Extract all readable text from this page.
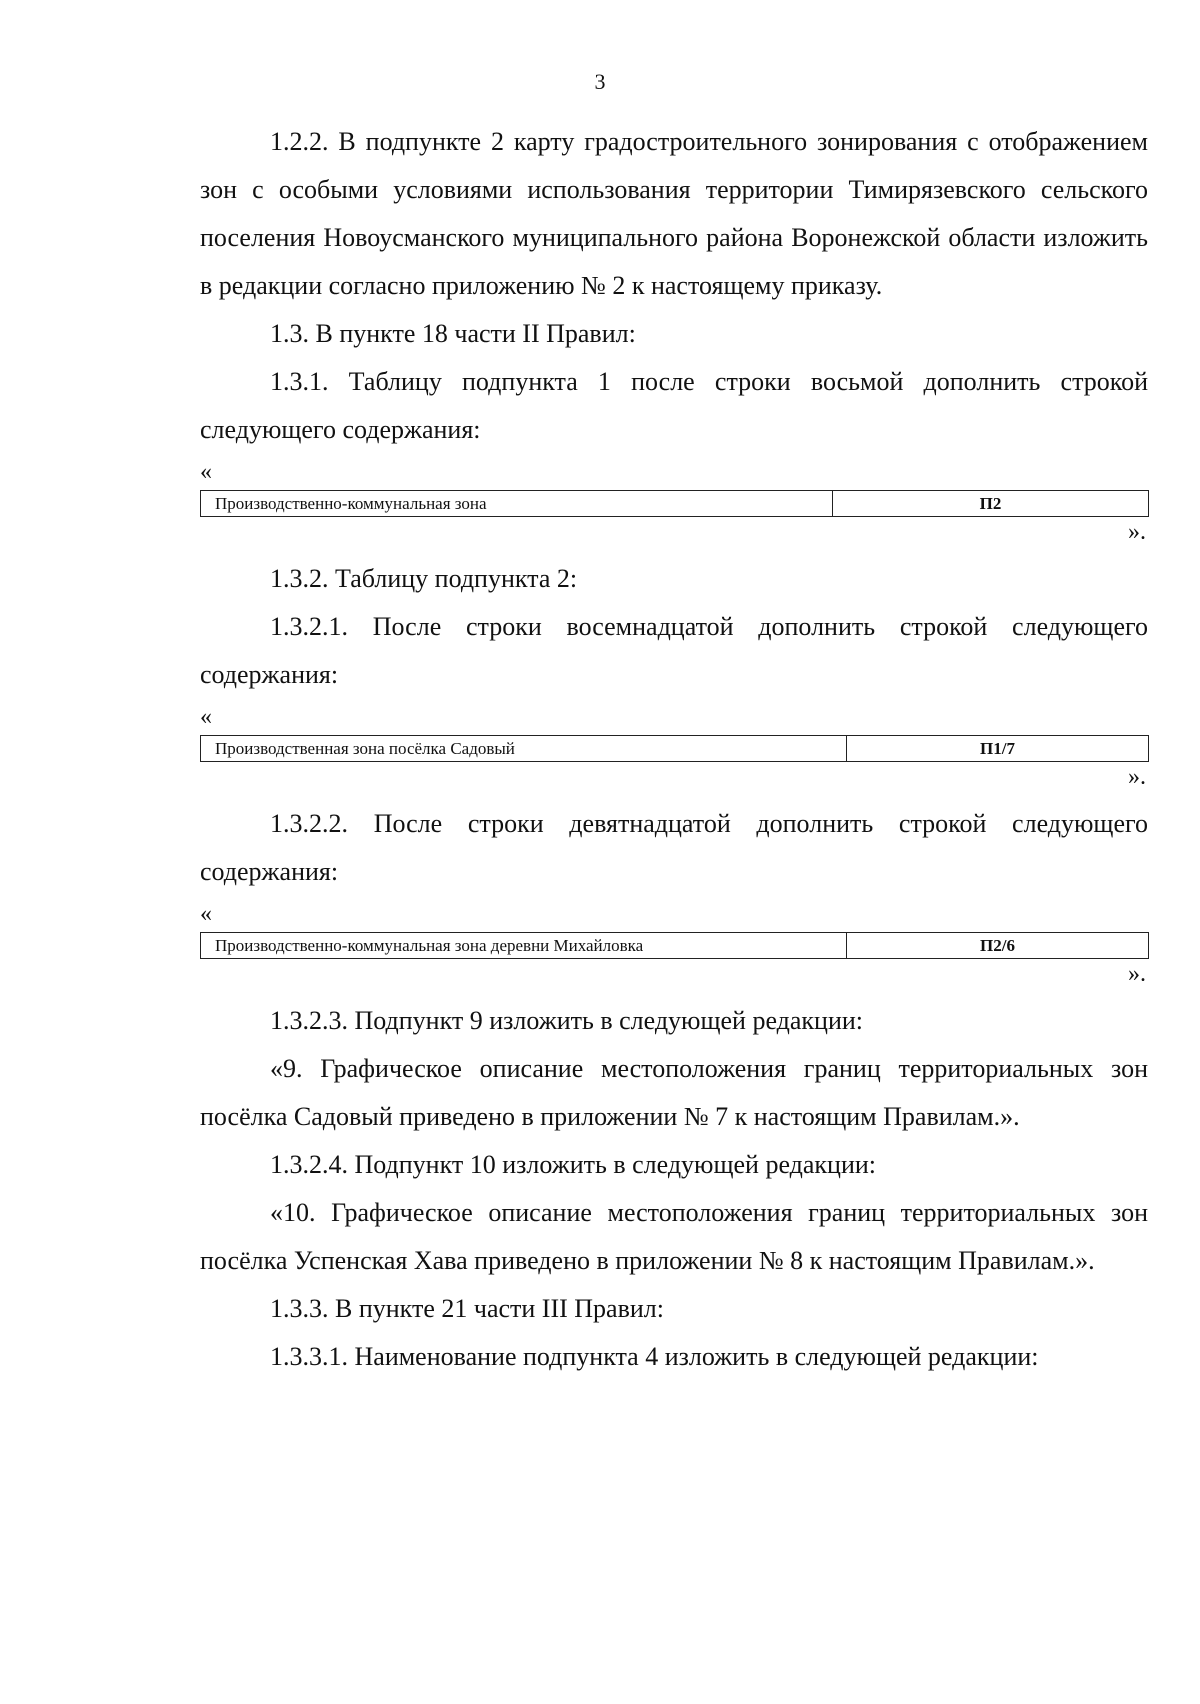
3

1.2.2. В подпункте 2 карту градостроительного зонирования с отображением зон с особыми условиями использования территории Тимирязевского сельского поселения Новоусманского муниципального района Воронежской области изложить в редакции согласно приложению № 2 к настоящему приказу.

1.3. В пункте 18 части II Правил:

1.3.1. Таблицу подпункта 1 после строки восьмой дополнить строкой следующего содержания:

«

Производственно-коммунальная зона	П2

».

1.3.2. Таблицу подпункта 2:

1.3.2.1. После строки восемнадцатой дополнить строкой следующего содержания:

«

Производственная зона посёлка Садовый	П1/7

».

1.3.2.2. После строки девятнадцатой дополнить строкой следующего содержания:

«

Производственно-коммунальная зона деревни Михайловка	П2/6

».

1.3.2.3. Подпункт 9 изложить в следующей редакции:

«9. Графическое описание местоположения границ территориальных зон посёлка Садовый приведено в приложении № 7 к настоящим Правилам.».

1.3.2.4. Подпункт 10 изложить в следующей редакции:

«10. Графическое описание местоположения границ территориальных зон посёлка Успенская Хава приведено в приложении № 8 к настоящим Правилам.».

1.3.3. В пункте 21 части III Правил:

1.3.3.1. Наименование подпункта 4 изложить в следующей редакции:
